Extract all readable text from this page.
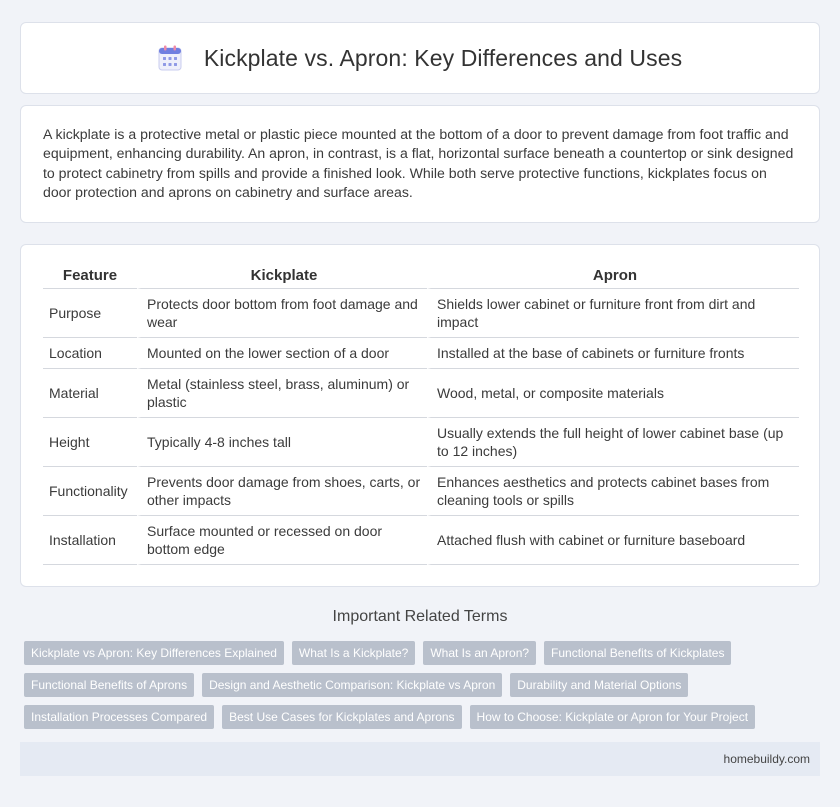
Kickplate vs. Apron: Key Differences and Uses

A kickplate is a protective metal or plastic piece mounted at the bottom of a door to prevent damage from foot traffic and equipment, enhancing durability. An apron, in contrast, is a flat, horizontal surface beneath a countertop or sink designed to protect cabinetry from spills and provide a finished look. While both serve protective functions, kickplates focus on door protection and aprons on cabinetry and surface areas.

Feature	Kickplate	Apron
Purpose	Protects door bottom from foot damage and wear	Shields lower cabinet or furniture front from dirt and impact
Location	Mounted on the lower section of a door	Installed at the base of cabinets or furniture fronts
Material	Metal (stainless steel, brass, aluminum) or plastic	Wood, metal, or composite materials
Height	Typically 4-8 inches tall	Usually extends the full height of lower cabinet base (up to 12 inches)
Functionality	Prevents door damage from shoes, carts, or other impacts	Enhances aesthetics and protects cabinet bases from cleaning tools or spills
Installation	Surface mounted or recessed on door bottom edge	Attached flush with cabinet or furniture baseboard
Important Related Terms
Kickplate vs Apron: Key Differences Explained	What Is a Kickplate?	What Is an Apron?	Functional Benefits of Kickplates
Functional Benefits of Aprons	Design and Aesthetic Comparison: Kickplate vs Apron	Durability and Material Options
Installation Processes Compared	Best Use Cases for Kickplates and Aprons	How to Choose: Kickplate or Apron for Your Project
homebuildy.com
